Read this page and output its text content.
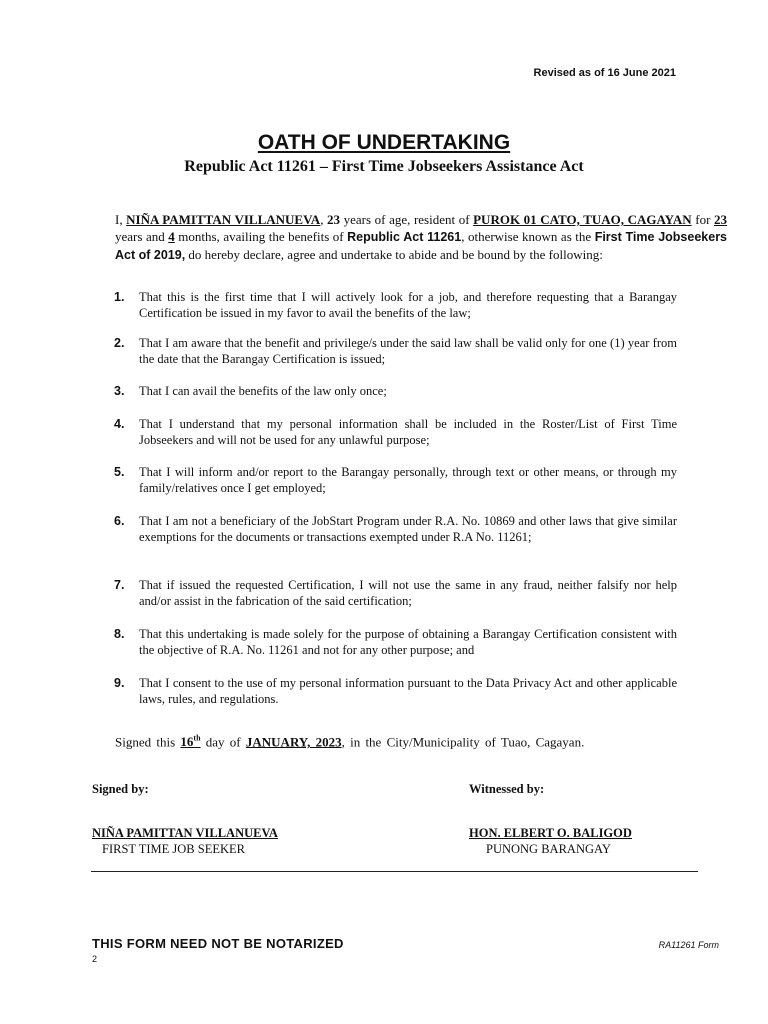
Revised as of 16 June 2021
OATH OF UNDERTAKING
Republic Act 11261 – First Time Jobseekers Assistance Act
I, NIÑA PAMITTAN VILLANUEVA, 23 years of age, resident of PUROK 01 CATO, TUAO, CAGAYAN for 23 years and 4 months, availing the benefits of Republic Act 11261, otherwise known as the First Time Jobseekers Act of 2019, do hereby declare, agree and undertake to abide and be bound by the following:
1. That this is the first time that I will actively look for a job, and therefore requesting that a Barangay Certification be issued in my favor to avail the benefits of the law;
2. That I am aware that the benefit and privilege/s under the said law shall be valid only for one (1) year from the date that the Barangay Certification is issued;
3. That I can avail the benefits of the law only once;
4. That I understand that my personal information shall be included in the Roster/List of First Time Jobseekers and will not be used for any unlawful purpose;
5. That I will inform and/or report to the Barangay personally, through text or other means, or through my family/relatives once I get employed;
6. That I am not a beneficiary of the JobStart Program under R.A. No. 10869 and other laws that give similar exemptions for the documents or transactions exempted under R.A No. 11261;
7. That if issued the requested Certification, I will not use the same in any fraud, neither falsify nor help and/or assist in the fabrication of the said certification;
8. That this undertaking is made solely for the purpose of obtaining a Barangay Certification consistent with the objective of R.A. No. 11261 and not for any other purpose; and
9. That I consent to the use of my personal information pursuant to the Data Privacy Act and other applicable laws, rules, and regulations.
Signed this 16th day of JANUARY, 2023, in the City/Municipality of Tuao, Cagayan.
Signed by:	Witnessed by:
NIÑA PAMITTAN VILLANUEVA
FIRST TIME JOB SEEKER
HON. ELBERT O. BALIGOD
PUNONG BARANGAY
THIS FORM NEED NOT BE NOTARIZED	RA11261 Form
2
